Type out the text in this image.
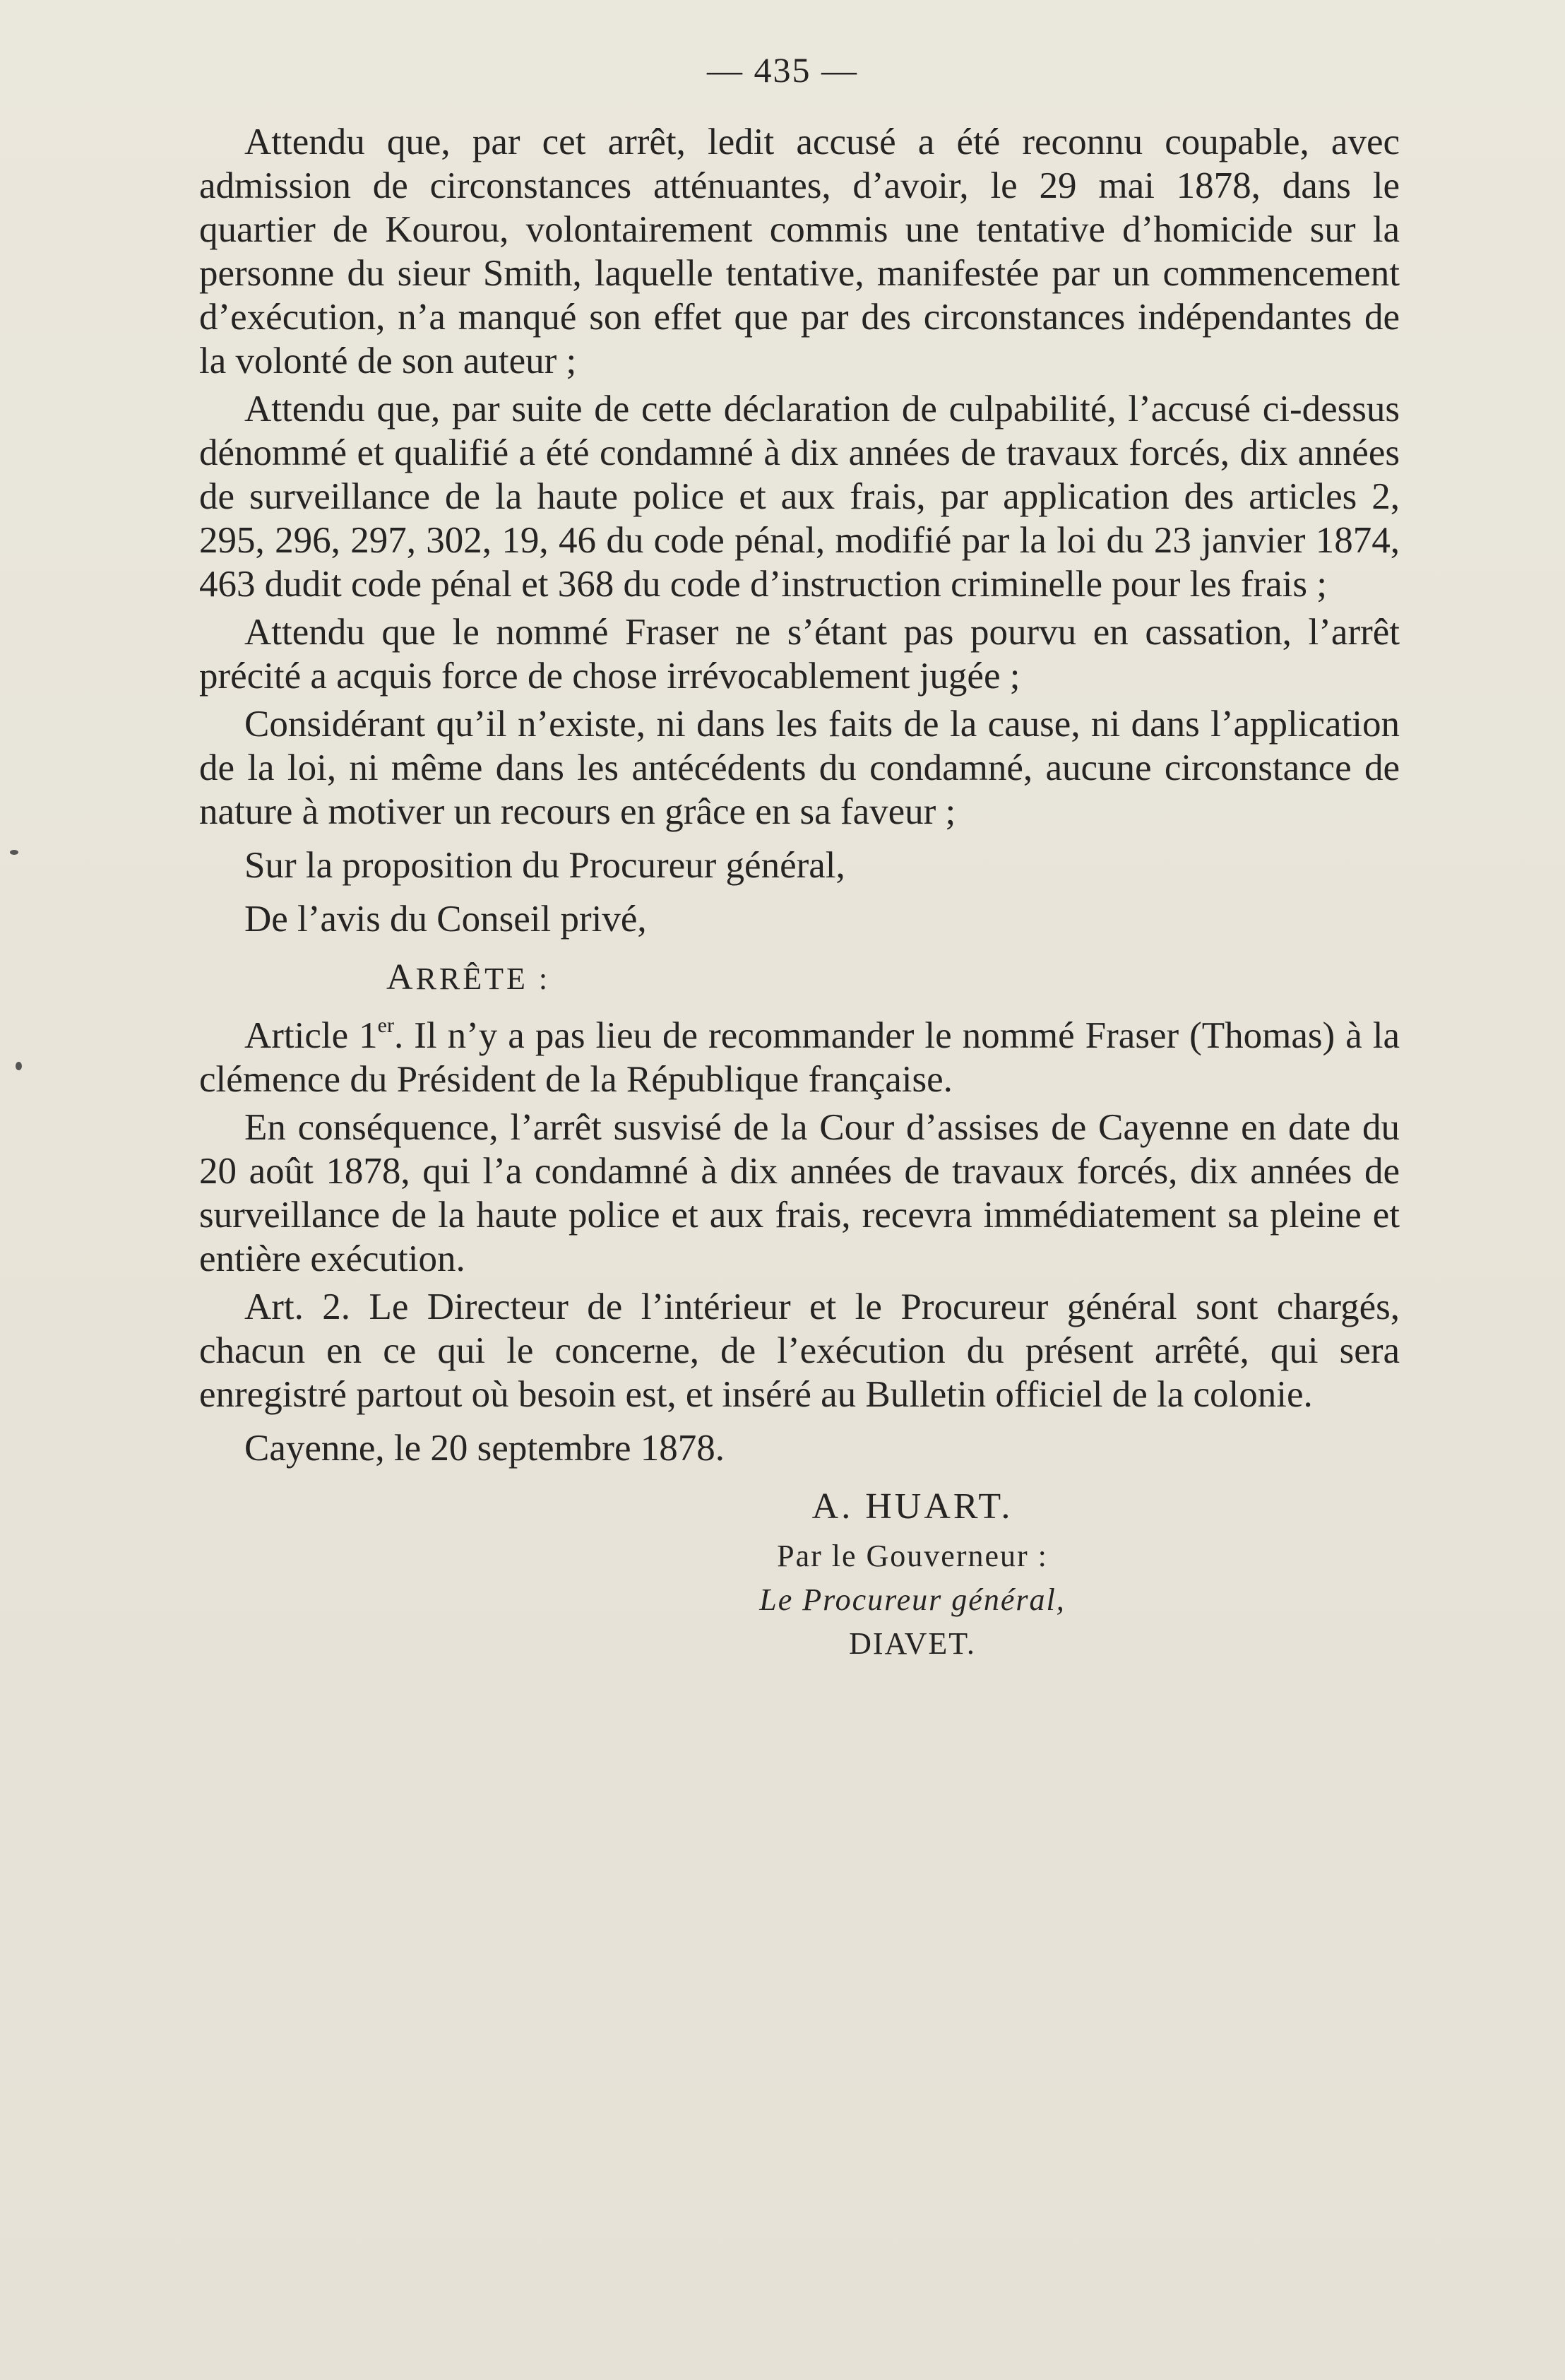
— 435 —

Attendu que, par cet arrêt, ledit accusé a été reconnu coupable, avec admission de circonstances atténuantes, d’avoir, le 29 mai 1878, dans le quartier de Kourou, volontairement commis une tentative d’homicide sur la personne du sieur Smith, laquelle tentative, manifestée par un commencement d’exécution, n’a manqué son effet que par des circonstances indépendantes de la volonté de son auteur ;

Attendu que, par suite de cette déclaration de culpabilité, l’accusé ci-dessus dénommé et qualifié a été condamné à dix années de travaux forcés, dix années de surveillance de la haute police et aux frais, par application des articles 2, 295, 296, 297, 302, 19, 46 du code pénal, modifié par la loi du 23 janvier 1874, 463 dudit code pénal et 368 du code d’instruction criminelle pour les frais ;

Attendu que le nommé Fraser ne s’étant pas pourvu en cassation, l’arrêt précité a acquis force de chose irrévocablement jugée ;

Considérant qu’il n’existe, ni dans les faits de la cause, ni dans l’application de la loi, ni même dans les antécédents du condamné, aucune circonstance de nature à motiver un recours en grâce en sa faveur ;

Sur la proposition du Procureur général,

De l’avis du Conseil privé,

ARRÊTE :

Article 1er. Il n’y a pas lieu de recommander le nommé Fraser (Thomas) à la clémence du Président de la République française.

En conséquence, l’arrêt susvisé de la Cour d’assises de Cayenne en date du 20 août 1878, qui l’a condamné à dix années de travaux forcés, dix années de surveillance de la haute police et aux frais, recevra immédiatement sa pleine et entière exécution.

Art. 2. Le Directeur de l’intérieur et le Procureur général sont chargés, chacun en ce qui le concerne, de l’exécution du présent arrêté, qui sera enregistré partout où besoin est, et inséré au Bulletin officiel de la colonie.

Cayenne, le 20 septembre 1878.

A. HUART.
Par le Gouverneur :
Le Procureur général,
DIAVET.
